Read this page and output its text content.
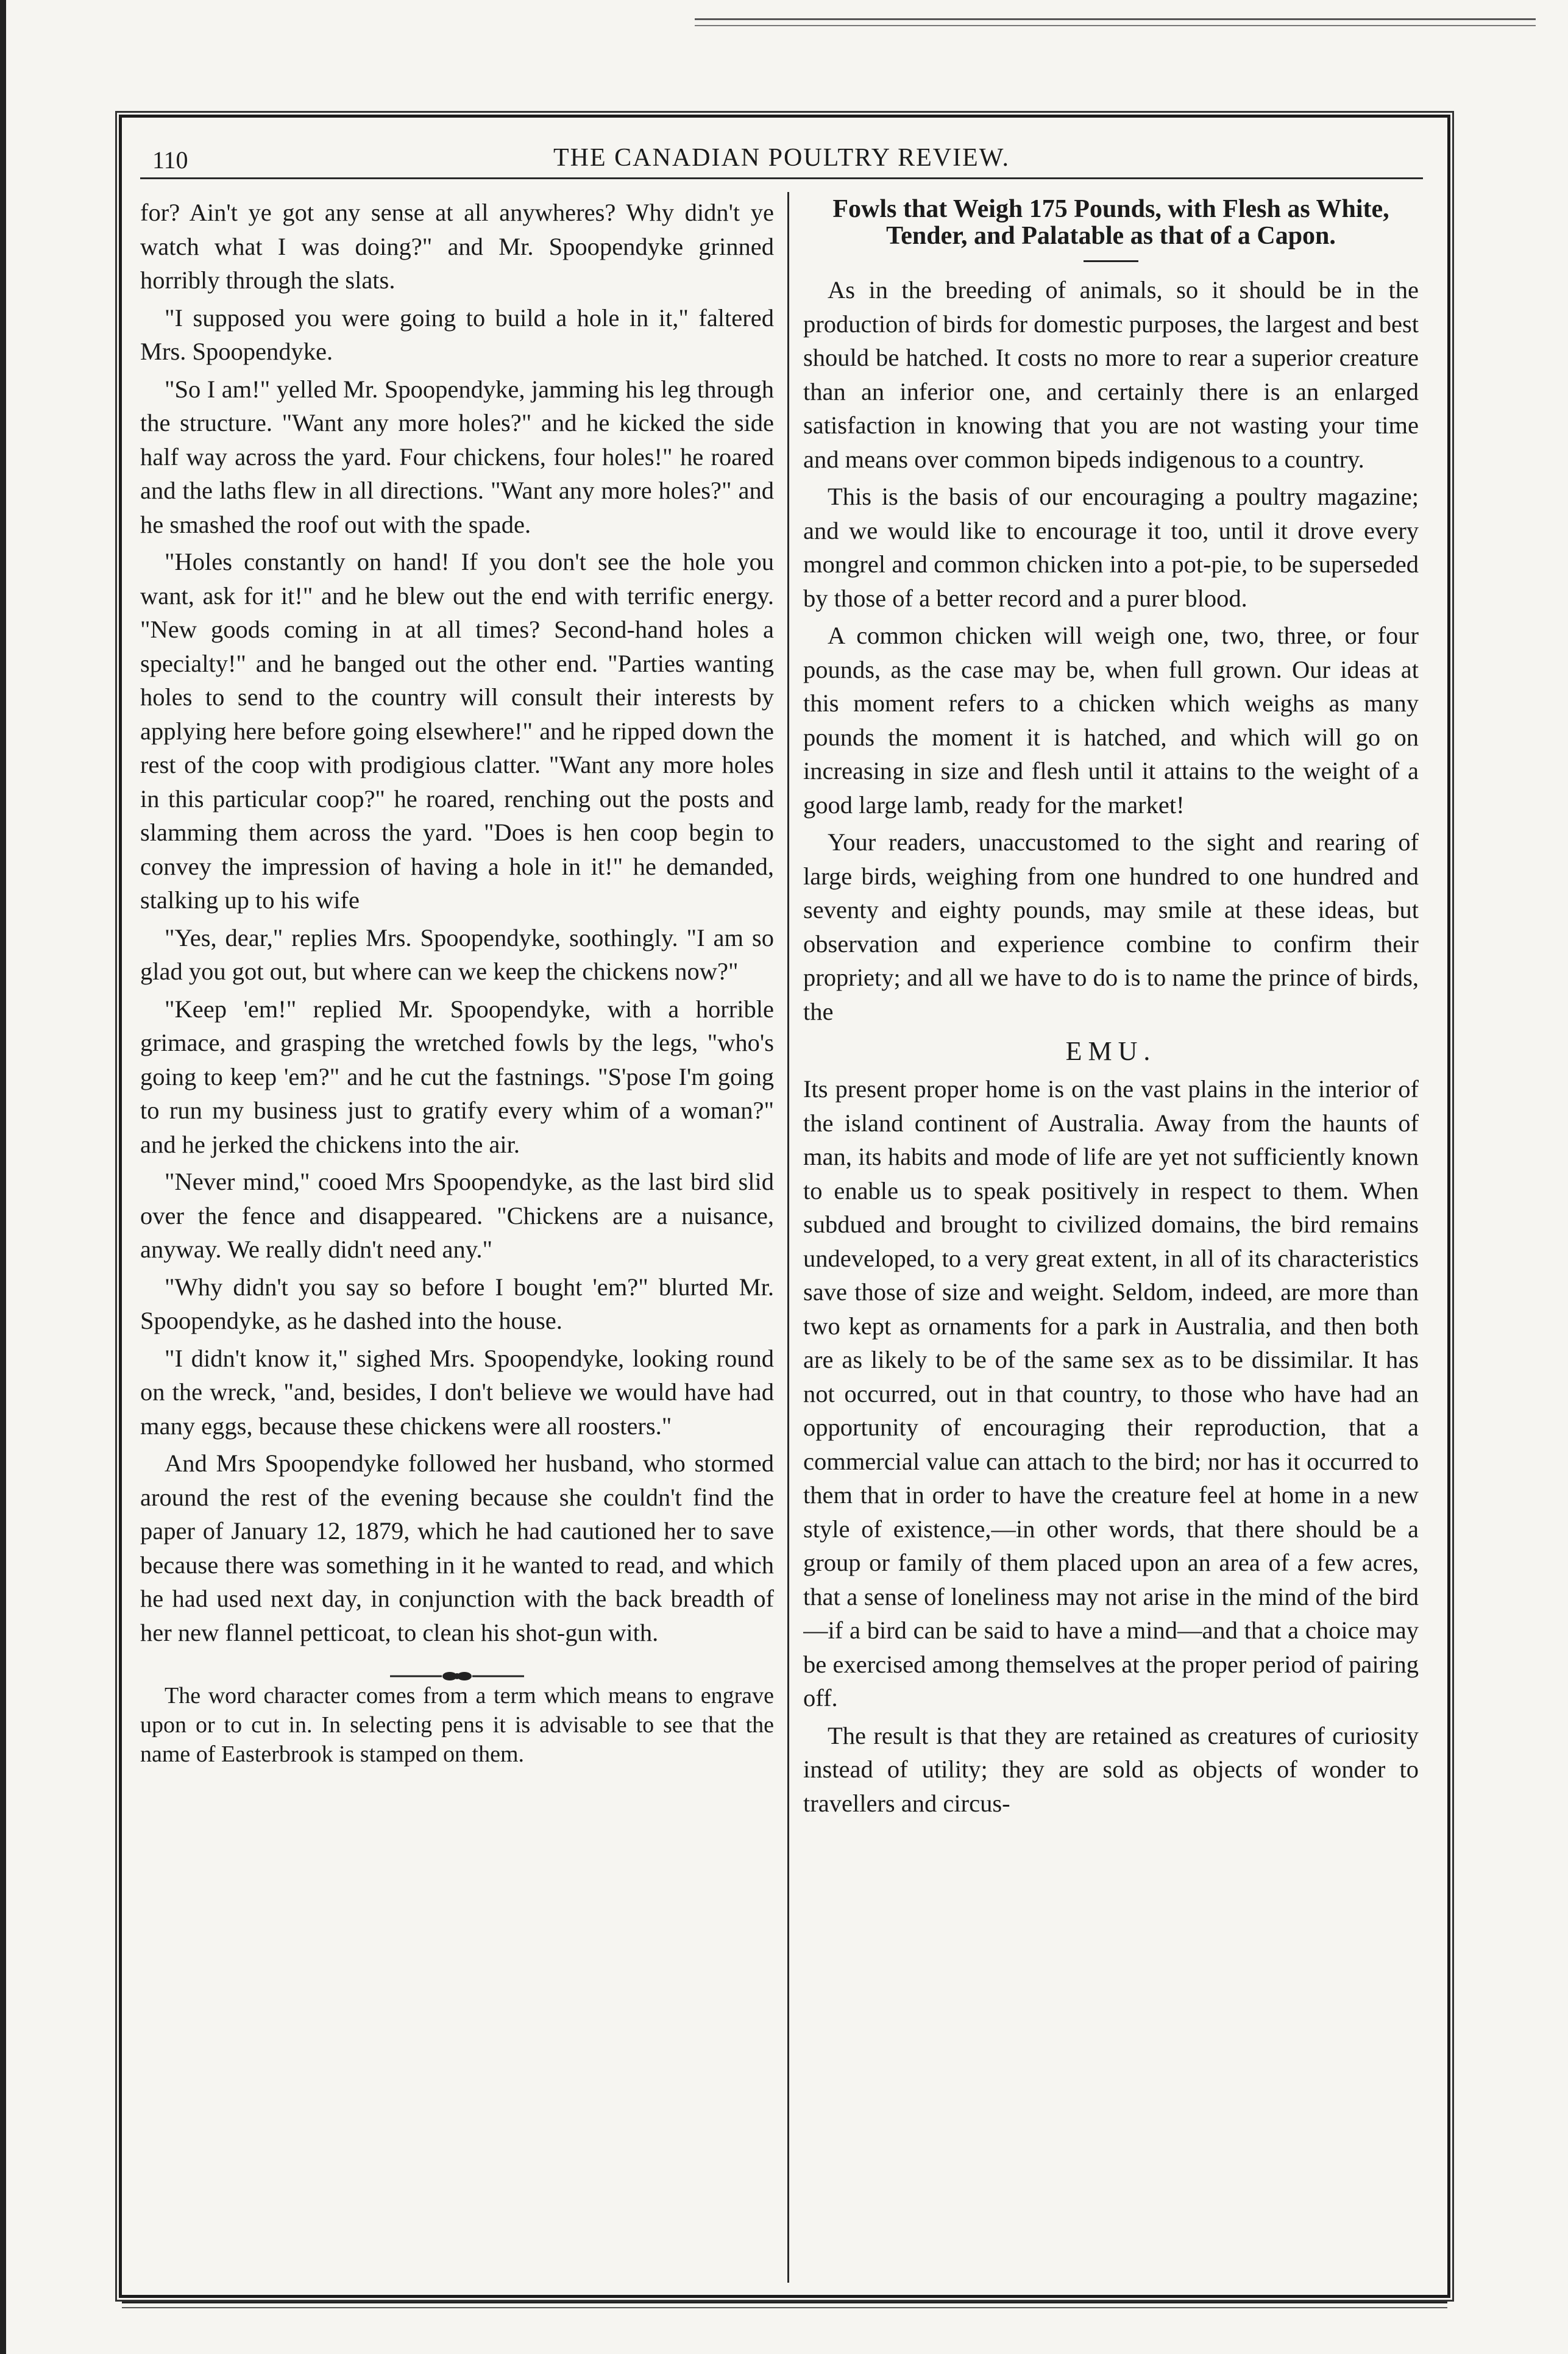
110	THE CANADIAN POULTRY REVIEW.

for? Ain't ye got any sense at all anywheres? Why didn't ye watch what I was doing?" and Mr. Spoopendyke grinned horribly through the slats.

"I supposed you were going to build a hole in it," faltered Mrs. Spoopendyke.

"So I am!" yelled Mr. Spoopendyke, jamming his leg through the structure. "Want any more holes?" and he kicked the side half way across the yard. Four chickens, four holes!" he roared and the laths flew in all directions. "Want any more holes?" and he smashed the roof out with the spade.

"Holes constantly on hand! If you don't see the hole you want, ask for it!" and he blew out the end with terrific energy. "New goods coming in at all times? Second-hand holes a specialty!" and he banged out the other end. "Parties wanting holes to send to the country will consult their interests by applying here before going elsewhere!" and he ripped down the rest of the coop with prodigious clatter. "Want any more holes in this particular coop?" he roared, renching out the posts and slamming them across the yard. "Does is hen coop begin to convey the impression of having a hole in it!" he demanded, stalking up to his wife

"Yes, dear," replies Mrs. Spoopendyke, soothingly. "I am so glad you got out, but where can we keep the chickens now?"

"Keep 'em!" replied Mr. Spoopendyke, with a horrible grimace, and grasping the wretched fowls by the legs, "who's going to keep 'em?" and he cut the fastnings. "S'pose I'm going to run my business just to gratify every whim of a woman?" and he jerked the chickens into the air.

"Never mind," cooed Mrs Spoopendyke, as the last bird slid over the fence and disappeared. "Chickens are a nuisance, anyway. We really didn't need any."

"Why didn't you say so before I bought 'em?" blurted Mr. Spoopendyke, as he dashed into the house.

"I didn't know it," sighed Mrs. Spoopendyke, looking round on the wreck, "and, besides, I don't believe we would have had many eggs, because these chickens were all roosters."

And Mrs Spoopendyke followed her husband, who stormed around the rest of the evening because she couldn't find the paper of January 12, 1879, which he had cautioned her to save because there was something in it he wanted to read, and which he had used next day, in conjunction with the back breadth of her new flannel petticoat, to clean his shot-gun with.

The word character comes from a term which means to engrave upon or to cut in. In selecting pens it is advisable to see that the name of Easterbrook is stamped on them.

Fowls that Weigh 175 Pounds, with Flesh as White, Tender, and Palatable as that of a Capon.

As in the breeding of animals, so it should be in the production of birds for domestic purposes, the largest and best should be hatched. It costs no more to rear a superior creature than an inferior one, and certainly there is an enlarged satisfaction in knowing that you are not wasting your time and means over common bipeds indigenous to a country.

This is the basis of our encouraging a poultry magazine; and we would like to encourage it too, until it drove every mongrel and common chicken into a pot-pie, to be superseded by those of a better record and a purer blood.

A common chicken will weigh one, two, three, or four pounds, as the case may be, when full grown. Our ideas at this moment refers to a chicken which weighs as many pounds the moment it is hatched, and which will go on increasing in size and flesh until it attains to the weight of a good large lamb, ready for the market!

Your readers, unaccustomed to the sight and rearing of large birds, weighing from one hundred to one hundred and seventy and eighty pounds, may smile at these ideas, but observation and experience combine to confirm their propriety; and all we have to do is to name the prince of birds, the

EMU.

Its present proper home is on the vast plains in the interior of the island continent of Australia. Away from the haunts of man, its habits and mode of life are yet not sufficiently known to enable us to speak positively in respect to them. When subdued and brought to civilized domains, the bird remains undeveloped, to a very great extent, in all of its characteristics save those of size and weight. Seldom, indeed, are more than two kept as ornaments for a park in Australia, and then both are as likely to be of the same sex as to be dissimilar. It has not occurred, out in that country, to those who have had an opportunity of encouraging their reproduction, that a commercial value can attach to the bird; nor has it occurred to them that in order to have the creature feel at home in a new style of existence,—in other words, that there should be a group or family of them placed upon an area of a few acres, that a sense of loneliness may not arise in the mind of the bird—if a bird can be said to have a mind—and that a choice may be exercised among themselves at the proper period of pairing off.

The result is that they are retained as creatures of curiosity instead of utility; they are sold as objects of wonder to travellers and circus-
